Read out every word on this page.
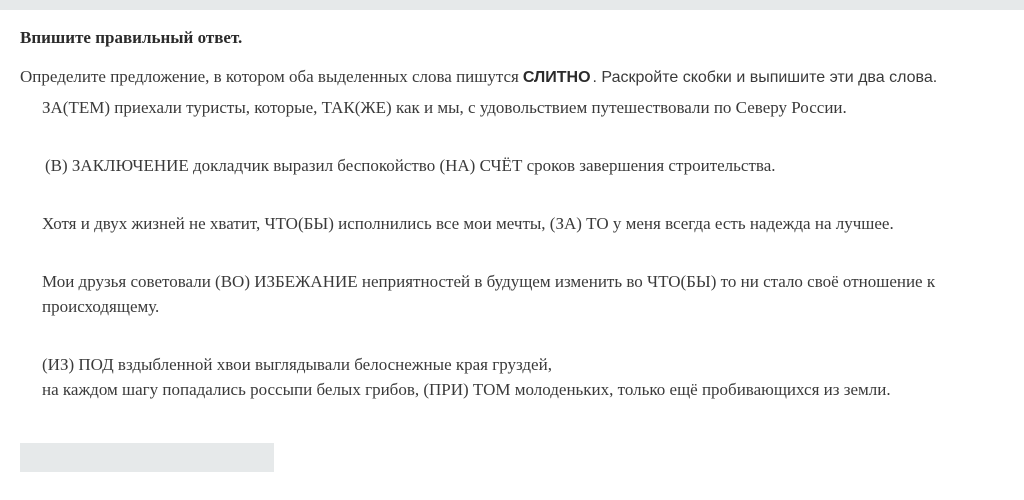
Впишите правильный ответ.
Определите предложение, в котором оба выделенных слова пишутся СЛИТНО . Раскройте скобки и выпишите эти два слова.
ЗА(ТЕМ) приехали туристы, которые, ТАК(ЖЕ) как и мы, с удовольствием путешествовали по Северу России.
(В) ЗАКЛЮЧЕНИЕ докладчик выразил беспокойство (НА) СЧЁТ сроков завершения строительства.
Хотя и двух жизней не хватит, ЧТО(БЫ) исполнились все мои мечты, (ЗА) ТО у меня всегда есть надежда на лучшее.
Мои друзья советовали (ВО) ИЗБЕЖАНИЕ неприятностей в будущем изменить во ЧТО(БЫ) то ни стало своё отношение к происходящему.
(ИЗ) ПОД вздыбленной хвои выглядывали белоснежные края груздей,
на каждом шагу попадались россыпи белых грибов, (ПРИ) ТОМ молоденьких, только ещё пробивающихся из земли.
